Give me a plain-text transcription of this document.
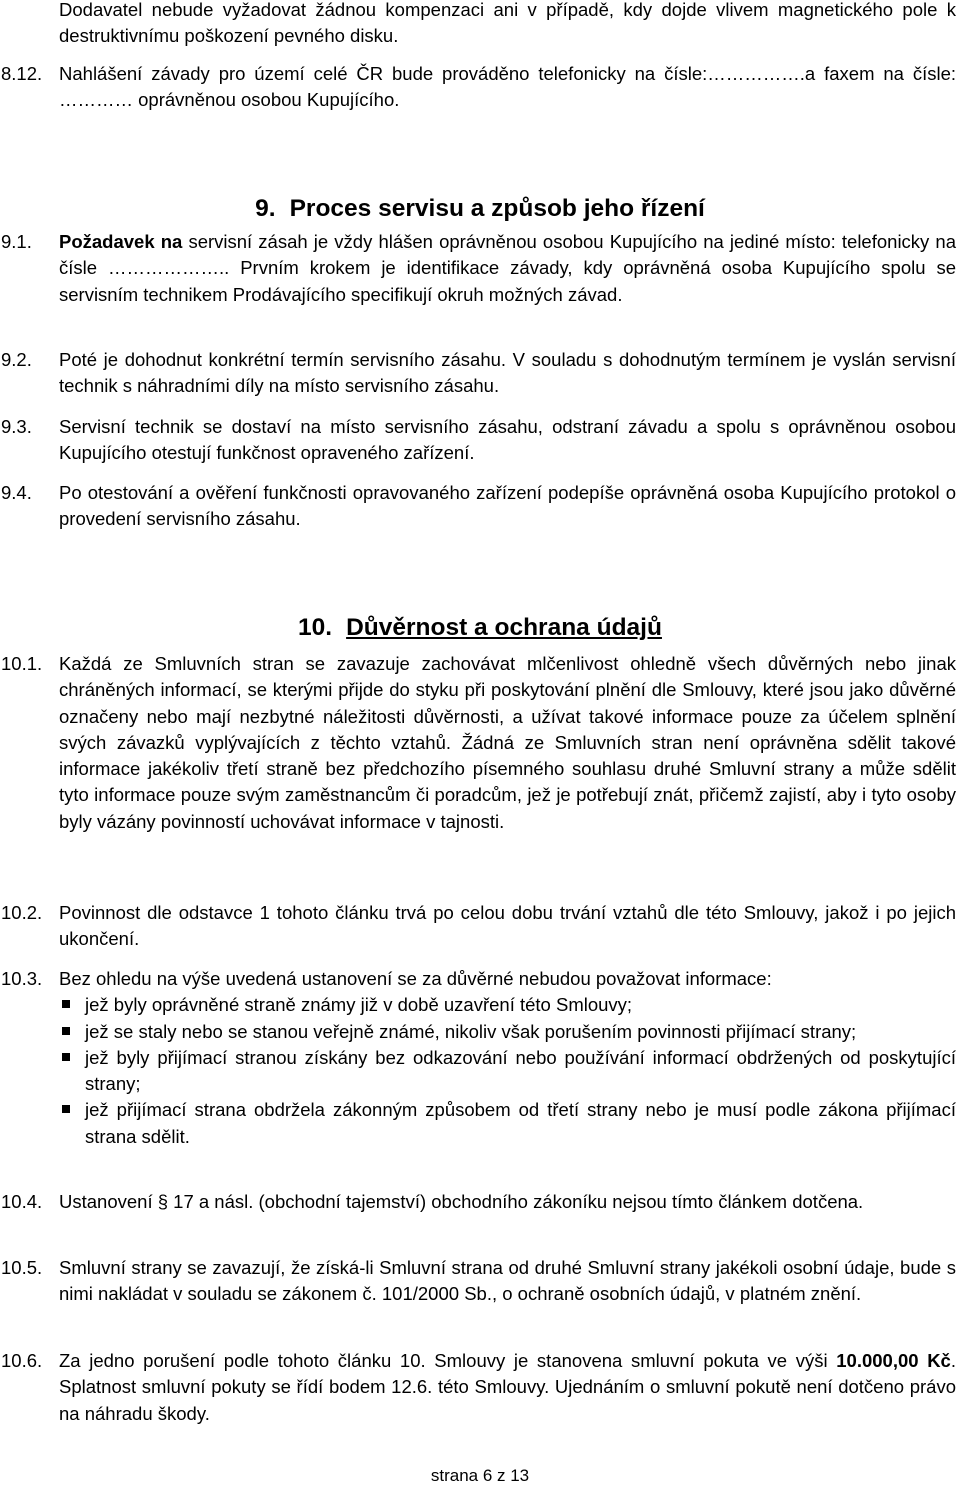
Dodavatel nebude vyžadovat žádnou kompenzaci ani v případě, kdy dojde vlivem magnetického pole k destruktivnímu poškození pevného disku.
8.12. Nahlášení závady pro území celé ČR bude prováděno telefonicky na čísle:…………….a faxem na čísle: ………… oprávněnou osobou Kupujícího.
9. Proces servisu a způsob jeho řízení
9.1. Požadavek na servisní zásah je vždy hlášen oprávněnou osobou Kupujícího na jediné místo: telefonicky na čísle ……………….. Prvním krokem je identifikace závady, kdy oprávněná osoba Kupujícího spolu se servisním technikem Prodávajícího specifikují okruh možných závad.
9.2. Poté je dohodnut konkrétní termín servisního zásahu. V souladu s dohodnutým termínem je vyslán servisní technik s náhradními díly na místo servisního zásahu.
9.3. Servisní technik se dostaví na místo servisního zásahu, odstraní závadu a spolu s oprávněnou osobou Kupujícího otestují funkčnost opraveného zařízení.
9.4. Po otestování a ověření funkčnosti opravovaného zařízení podepíše oprávněná osoba Kupujícího protokol o provedení servisního zásahu.
10. Důvěrnost a ochrana údajů
10.1. Každá ze Smluvních stran se zavazuje zachovávat mlčenlivost ohledně všech důvěrných nebo jinak chráněných informací, se kterými přijde do styku při poskytování plnění dle Smlouvy, které jsou jako důvěrné označeny nebo mají nezbytné náležitosti důvěrnosti, a užívat takové informace pouze za účelem splnění svých závazků vyplývajících z těchto vztahů. Žádná ze Smluvních stran není oprávněna sdělit takové informace jakékoliv třetí straně bez předchozího písemného souhlasu druhé Smluvní strany a může sdělit tyto informace pouze svým zaměstnancům či poradcům, jež je potřebují znát, přičemž zajistí, aby i tyto osoby byly vázány povinností uchovávat informace v tajnosti.
10.2. Povinnost dle odstavce 1 tohoto článku trvá po celou dobu trvání vztahů dle této Smlouvy, jakož i po jejich ukončení.
10.3. Bez ohledu na výše uvedená ustanovení se za důvěrné nebudou považovat informace:
jež byly oprávněné straně známy již v době uzavření této Smlouvy;
jež se staly nebo se stanou veřejně známé, nikoliv však porušením povinnosti přijímací strany;
jež byly přijímací stranou získány bez odkazování nebo používání informací obdržených od poskytující strany;
jež přijímací strana obdržela zákonným způsobem od třetí strany nebo je musí podle zákona přijímací strana sdělit.
10.4. Ustanovení § 17 a násl. (obchodní tajemství) obchodního zákoníku nejsou tímto článkem dotčena.
10.5. Smluvní strany se zavazují, že získá-li Smluvní strana od druhé Smluvní strany jakékoli osobní údaje, bude s nimi nakládat v souladu se zákonem č. 101/2000 Sb., o ochraně osobních údajů, v platném znění.
10.6. Za jedno porušení podle tohoto článku 10. Smlouvy je stanovena smluvní pokuta ve výši 10.000,00 Kč. Splatnost smluvní pokuty se řídí bodem 12.6. této Smlouvy. Ujednáním o smluvní pokutě není dotčeno právo na náhradu škody.
strana 6 z 13
